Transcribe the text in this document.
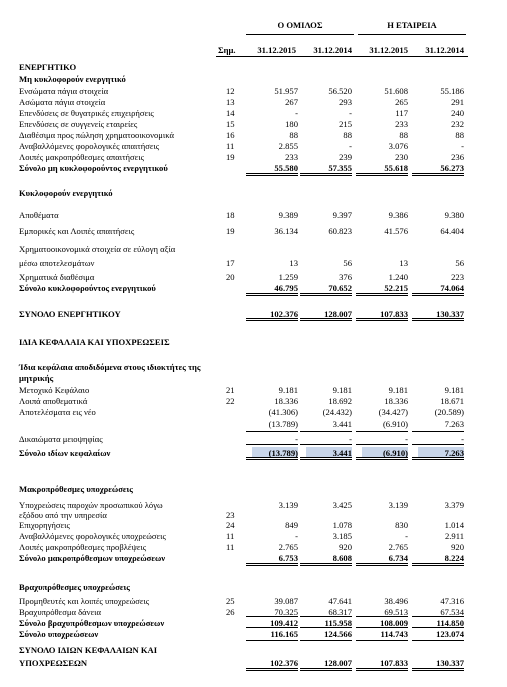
Ο ΟΜΙΛΟΣ	Η ΕΤΑΙΡΕΙΑ
Σημ.	31.12.2015	31.12.2014	31.12.2015	31.12.2014
ΕΝΕΡΓΗΤΙΚΟ
Μη κυκλοφορούν ενεργητικό
Ενσώματα πάγια στοιχεία	12	51.957	56.520	51.608	55.186
Ασώματα πάγια στοιχεία	13	267	293	265	291
Επενδύσεις σε θυγατρικές επιχειρήσεις	14	-	-	117	240
Επενδύσεις σε συγγενείς εταιρείες	15	180	215	233	232
Διαθέσιμα προς πώληση χρηματοοικονομικά	16	88	88	88	88
Αναβαλλόμενες φορολογικές απαιτήσεις	11	2.855	-	3.076	-
Λοιπές μακροπρόθεσμες απαιτήσεις	19	233	239	230	236
Σύνολο μη κυκλοφορούντος ενεργητικού	55.580	57.355	55.618	56.273
Κυκλοφορούν ενεργητικό
Αποθέματα	18	9.389	9.397	9.386	9.380
Εμπορικές και Λοιπές απαιτήσεις	19	36.134	60.823	41.576	64.404
Χρηματοοικονομικά στοιχεία σε εύλογη αξία
μέσω αποτελεσμάτων	17	13	56	13	56
Χρηματικά διαθέσιμα	20	1.259	376	1.240	223
Σύνολο κυκλοφορούντος ενεργητικού	46.795	70.652	52.215	74.064
ΣΥΝΟΛΟ ΕΝΕΡΓΗΤΙΚΟΥ	102.376	128.007	107.833	130.337
ΙΔΙΑ ΚΕΦΑΛΑΙΑ ΚΑΙ ΥΠΟΧΡΕΩΣΕΙΣ
Ίδια κεφάλαια αποδιδόμενα στους ιδιοκτήτες της
μητρικής
Μετοχικό Κεφάλαιο	21	9.181	9.181	9.181	9.181
Λοιπά αποθεματικά	22	18.336	18.692	18.336	18.671
Αποτελέσματα εις νέο	(41.306)	(24.432)	(34.427)	(20.589)
(13.789)	3.441	(6.910)	7.263
Δικαιώματα μειοψηφίας	-	-	-	-
Σύνολο ιδίων κεφαλαίων	(13.789)	3.441	(6.910)	7.263
Μακροπρόθεσμες υποχρεώσεις
Υποχρεώσεις παροχών προσωπικού λόγω	3.139	3.425	3.139	3.379
εξόδου από την υπηρεσία	23
Επιχορηγήσεις	24	849	1.078	830	1.014
Αναβαλλόμενες φορολογικές υποχρεώσεις	11	-	3.185	-	2.911
Λοιπές μακροπρόθεσμες προβλέψεις	11	2.765	920	2.765	920
Σύνολο μακροπρόθεσμων υποχρεώσεων	6.753	8.608	6.734	8.224
Βραχυπρόθεσμες υποχρεώσεις
Προμηθευτές και λοιπές υποχρεώσεις	25	39.087	47.641	38.496	47.316
Βραχυπρόθεσμα δάνεια	26	70.325	68.317	69.513	67.534
Σύνολο βραχυπρόθεσμων υποχρεώσεων	109.412	115.958	108.009	114.850
Σύνολο υποχρεώσεων	116.165	124.566	114.743	123.074
ΣΥΝΟΛΟ ΙΔΙΩΝ ΚΕΦΑΛΑΙΩΝ ΚΑΙ
ΥΠΟΧΡΕΩΣΕΩΝ	102.376	128.007	107.833	130.337
